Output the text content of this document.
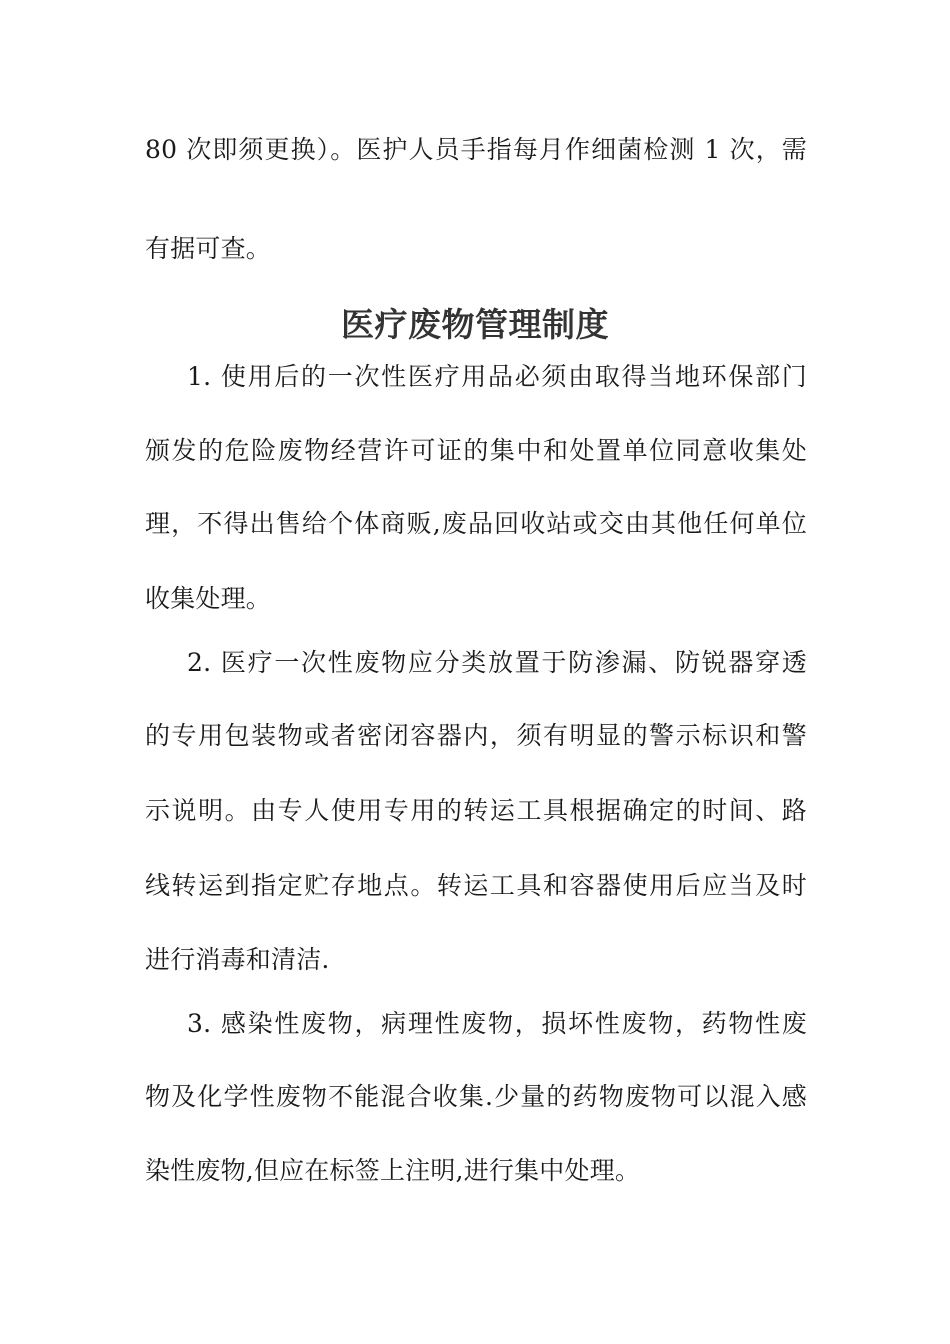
80 次即须更换）。医护人员手指每月作细菌检测 1 次，需
有据可查。
医疗废物管理制度
1. 使用后的一次性医疗用品必须由取得当地环保部门
颁发的危险废物经营许可证的集中和处置单位同意收集处
理，不得出售给个体商贩,废品回收站或交由其他任何单位
收集处理。
2. 医疗一次性废物应分类放置于防渗漏、防锐器穿透
的专用包装物或者密闭容器内，须有明显的警示标识和警
示说明。由专人使用专用的转运工具根据确定的时间、路
线转运到指定贮存地点。转运工具和容器使用后应当及时
进行消毒和清洁.
3. 感染性废物，病理性废物，损坏性废物，药物性废
物及化学性废物不能混合收集.少量的药物废物可以混入感
染性废物,但应在标签上注明,进行集中处理。
